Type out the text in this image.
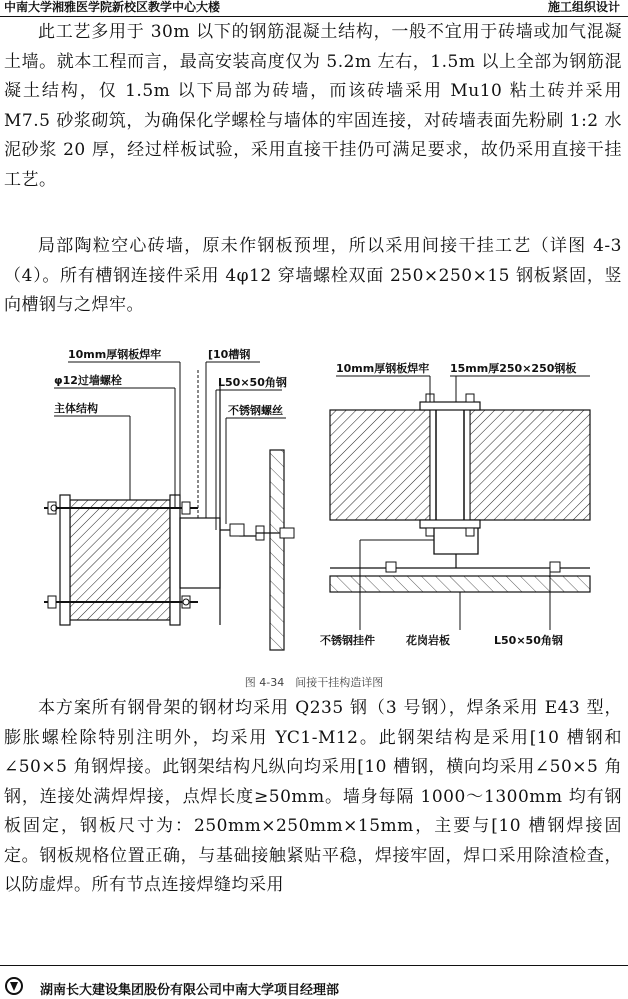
中南大学湘雅医学院新校区教学中心大楼	施工组织设计

此工艺多用于 30m 以下的钢筋混凝土结构，一般不宜用于砖墙或加气混凝土墙。就本工程而言，最高安装高度仅为 5.2m 左右，1.5m 以上全部为钢筋混凝土结构，仅 1.5m 以下局部为砖墙，而该砖墙采用 Mu10 粘土砖并采用 M7.5 砂浆砌筑，为确保化学螺栓与墙体的牢固连接，对砖墙表面先粉刷 1:2 水泥砂浆 20 厚，经过样板试验，采用直接干挂仍可满足要求，故仍采用直接干挂工艺。

局部陶粒空心砖墙，原未作钢板预埋，所以采用间接干挂工艺（详图 4-3（4）。所有槽钢连接件采用 4φ12 穿墙螺栓双面 250×250×15 钢板紧固，竖向槽钢与之焊牢。

10mm厚钢板焊牢
φ12过墙螺栓
主体结构
[10槽钢
L50×50角钢
不锈钢螺丝
10mm厚钢板焊牢 15mm厚250×250钢板
不锈钢挂件	花岗岩板	L50×50角钢
图 4-34　间接干挂构造详图

本方案所有钢骨架的钢材均采用 Q235 钢（3 号钢），焊条采用 E43 型，膨胀螺栓除特别注明外，均采用 YC1-M12。此钢架结构是采用[10 槽钢和∠50×5 角钢焊接。此钢架结构凡纵向均采用[10 槽钢，横向均采用∠50×5 角钢，连接处满焊焊接，点焊长度≥50mm。墙身每隔 1000～1300mm 均有钢板固定，钢板尺寸为：250mm×250mm×15mm，主要与[10 槽钢焊接固定。钢板规格位置正确，与基础接触紧贴平稳，焊接牢固，焊口采用除渣检查，以防虚焊。所有节点连接焊缝均采用

湖南长大建设集团股份有限公司中南大学项目经理部
